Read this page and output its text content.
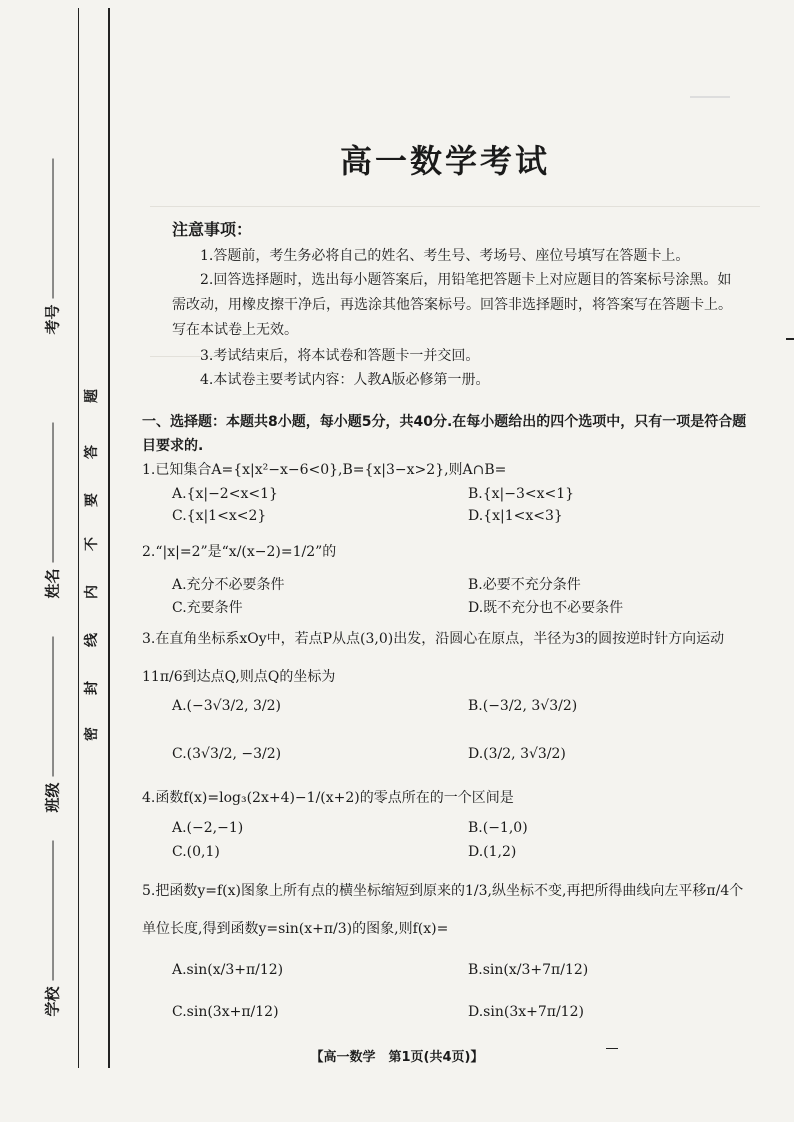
考号
姓名
班级
学校
题
答
要
不
内
线
封
密
高一数学考试
注意事项：
1.答题前，考生务必将自己的姓名、考生号、考场号、座位号填写在答题卡上。
2.回答选择题时，选出每小题答案后，用铅笔把答题卡上对应题目的答案标号涂黑。如需改动，用橡皮擦干净后，再选涂其他答案标号。回答非选择题时，将答案写在答题卡上。写在本试卷上无效。
3.考试结束后，将本试卷和答题卡一并交回。
4.本试卷主要考试内容：人教A版必修第一册。
一、选择题：本题共8小题，每小题5分，共40分.在每小题给出的四个选项中，只有一项是符合题目要求的.
1.已知集合A={x|x²−x−6<0},B={x|3−x>2},则A∩B=
A.{x|−2<x<1}	B.{x|−3<x<1}
C.{x|1<x<2}	D.{x|1<x<3}
2.“|x|=2”是“x/(x−2)=1/2”的
A.充分不必要条件	B.必要不充分条件
C.充要条件	D.既不充分也不必要条件
3.在直角坐标系xOy中，若点P从点(3,0)出发，沿圆心在原点，半径为3的圆按逆时针方向运动11π/6到达点Q,则点Q的坐标为
A.(−3√3/2, 3/2)	B.(−3/2, 3√3/2)
C.(3√3/2, −3/2)	D.(3/2, 3√3/2)
4.函数f(x)=log₃(2x+4)−1/(x+2)的零点所在的一个区间是
A.(−2,−1)	B.(−1,0)
C.(0,1)	D.(1,2)
5.把函数y=f(x)图象上所有点的横坐标缩短到原来的1/3,纵坐标不变,再把所得曲线向左平移π/4个单位长度,得到函数y=sin(x+π/3)的图象,则f(x)=
A.sin(x/3+π/12)	B.sin(x/3+7π/12)
C.sin(3x+π/12)	D.sin(3x+7π/12)
【高一数学　第1页(共4页)】
